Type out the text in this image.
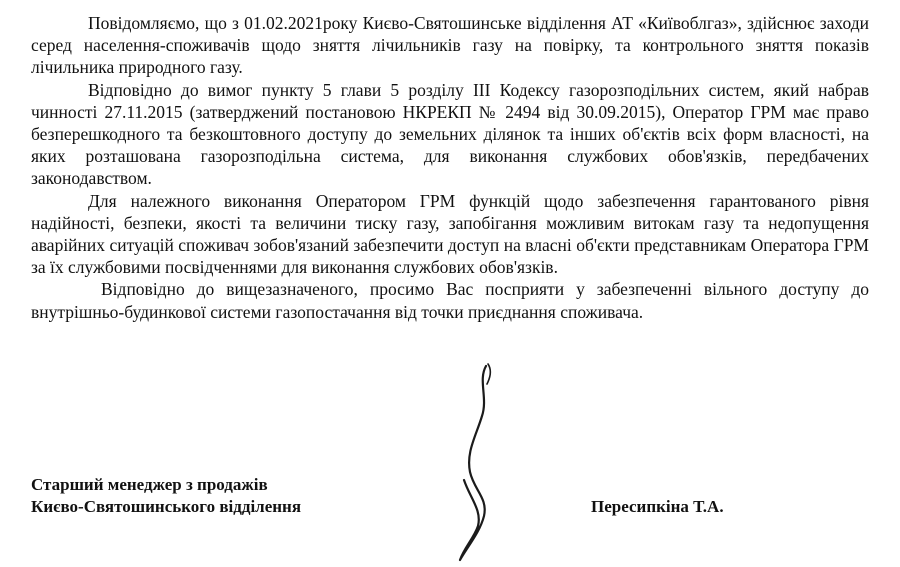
Повідомляємо, що з 01.02.2021року Києво-Святошинське відділення АТ «Київоблгаз», здійснює заходи серед населення-споживачів щодо зняття лічильників газу на повірку, та контрольного зняття показів лічильника природного газу.

Відповідно до вимог пункту 5 глави 5 розділу ІІІ Кодексу газорозподільних систем, який набрав чинності 27.11.2015 (затверджений постановою НКРЕКП № 2494 від 30.09.2015), Оператор ГРМ має право безперешкодного та безкоштовного доступу до земельних ділянок та інших об'єктів всіх форм власності, на яких розташована газорозподільна система, для виконання службових обов'язків, передбачених законодавством.

Для належного виконання Оператором ГРМ функцій щодо забезпечення гарантованого рівня надійності, безпеки, якості та величини тиску газу, запобігання можливим витокам газу та недопущення аварійних ситуацій споживач зобов'язаний забезпечити доступ на власні об'єкти представникам Оператора ГРМ за їх службовими посвідченнями для виконання службових обов'язків.

Відповідно до вищезазначеного, просимо Вас посприяти у забезпеченні вільного доступу до внутрішньо-будинкової системи газопостачання від точки приєднання споживача.

Старший менеджер з продажів
Києво-Святошинського відділення	Пересипкіна Т.А.
